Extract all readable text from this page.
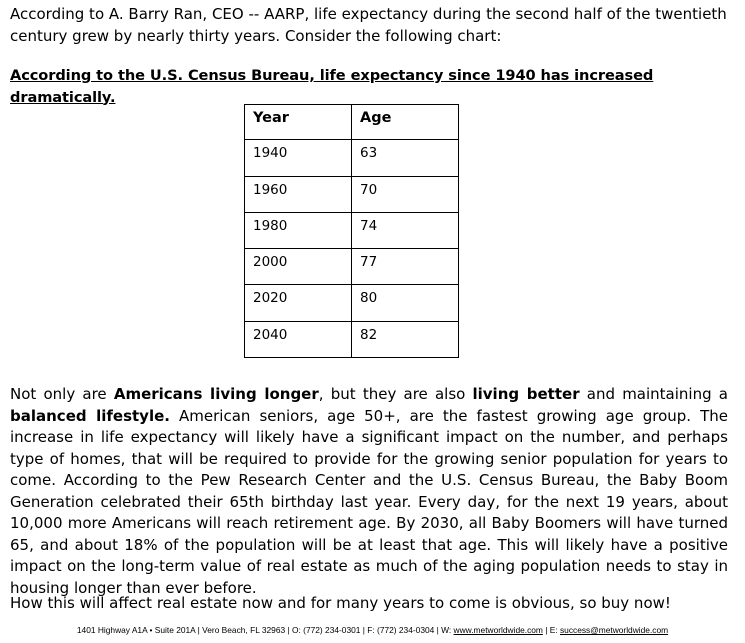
According to A. Barry Ran, CEO -- AARP, life expectancy during the second half of the twentieth century grew by nearly thirty years. Consider the following chart:
According to the U.S. Census Bureau, life expectancy since 1940 has increased dramatically.
Year	Age
1940	63
1960	70
1980	74
2000	77
2020	80
2040	82
Not only are Americans living longer, but they are also living better and maintaining a balanced lifestyle. American seniors, age 50+, are the fastest growing age group. The increase in life expectancy will likely have a significant impact on the number, and perhaps type of homes, that will be required to provide for the growing senior population for years to come. According to the Pew Research Center and the U.S. Census Bureau, the Baby Boom Generation celebrated their 65th birthday last year. Every day, for the next 19 years, about 10,000 more Americans will reach retirement age. By 2030, all Baby Boomers will have turned 65, and about 18% of the population will be at least that age. This will likely have a positive impact on the long-term value of real estate as much of the aging population needs to stay in housing longer than ever before.
How this will affect real estate now and for many years to come is obvious, so buy now!
1401 Highway A1A • Suite 201A | Vero Beach, FL 32963 | O: (772) 234-0301 | F: (772) 234-0304 | W: www.metworldwide.com | E: success@metworldwide.com
